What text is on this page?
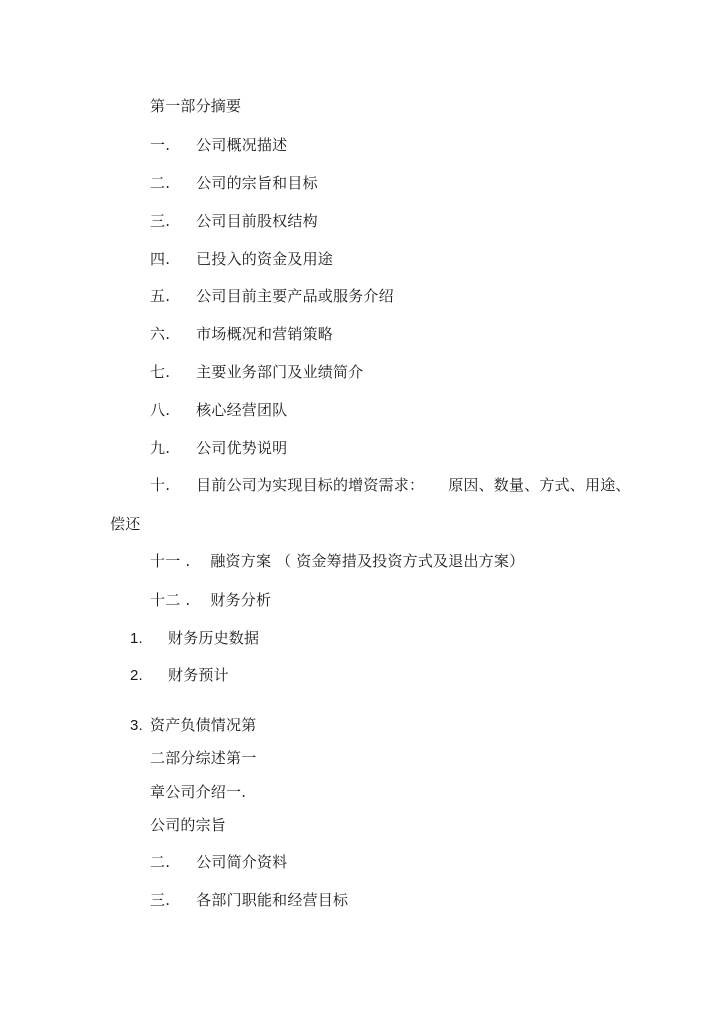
第一部分摘要
一. 公司概况描述
二. 公司的宗旨和目标
三. 公司目前股权结构
四. 已投入的资金及用途
五. 公司目前主要产品或服务介绍
六. 市场概况和营销策略
七. 主要业务部门及业绩简介
八. 核心经营团队
九. 公司优势说明
十. 目前公司为实现目标的增资需求： 原因、数量、方式、用途、
偿还
十一 . 融资方案 （ 资金筹措及投资方式及退出方案）
十二 . 财务分析
1. 财务历史数据
2. 财务预计
3. 资产负债情况第
二部分综述第一
章公司介绍一.
公司的宗旨
二. 公司简介资料
三. 各部门职能和经营目标
